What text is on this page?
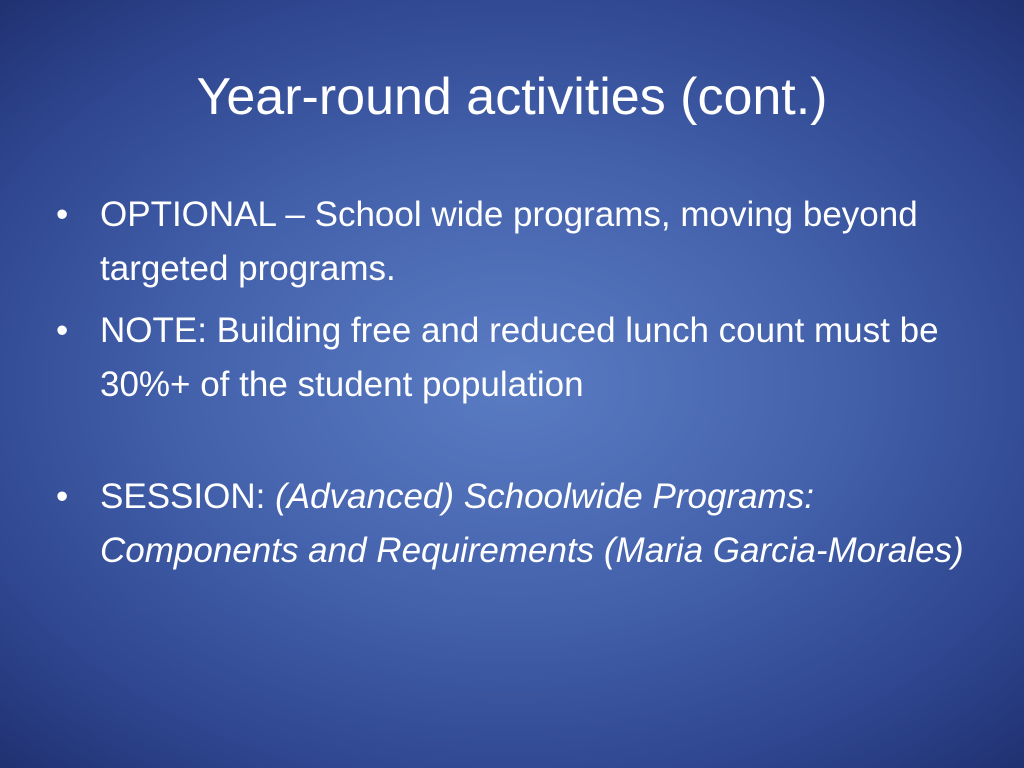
Year-round activities (cont.)
• OPTIONAL – School wide programs, moving beyond targeted programs.
• NOTE: Building free and reduced lunch count must be 30%+ of the student population
• SESSION: (Advanced) Schoolwide Programs: Components and Requirements (Maria Garcia-Morales)
